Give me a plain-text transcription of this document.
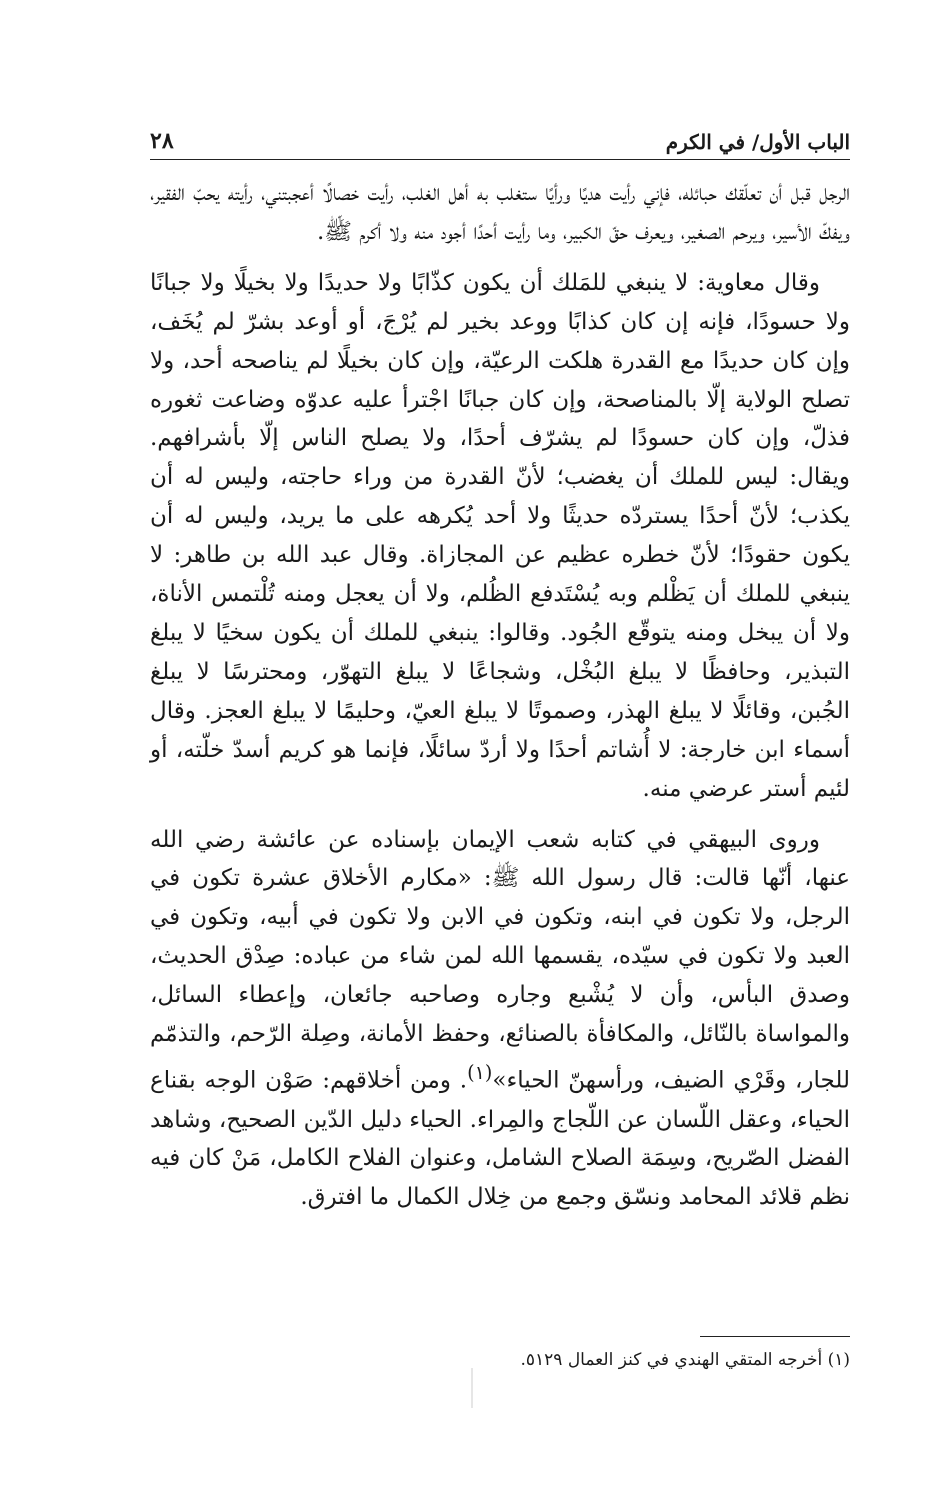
الباب الأول/ في الكرم
٢٨

الرجل قبل أن تعلّقك حبائله، فإني رأيت هديًا ورأيًا ستغلب به أهل الغلب، رأيت خصالًا أعجبتني، رأيته يحبّ الفقير، ويفكّ الأسير، ويرحم الصغير، ويعرف حقّ الكبير، وما رأيت أحدًا أجود منه ولا أكرم ﷺ.

وقال معاوية: لا ينبغي للمَلك أن يكون كذّابًا ولا حديدًا ولا بخيلًا ولا جبانًا ولا حسودًا، فإنه إن كان كذابًا ووعد بخير لم يُرْجَ، أو أوعد بشرّ لم يُخَف، وإن كان حديدًا مع القدرة هلكت الرعيّة، وإن كان بخيلًا لم يناصحه أحد، ولا تصلح الولاية إلّا بالمناصحة، وإن كان جبانًا اجْترأ عليه عدوّه وضاعت ثغوره فذلّ، وإن كان حسودًا لم يشرّف أحدًا، ولا يصلح الناس إلّا بأشرافهم. ويقال: ليس للملك أن يغضب؛ لأنّ القدرة من وراء حاجته، وليس له أن يكذب؛ لأنّ أحدًا يستردّه حديثًا ولا أحد يُكرهه على ما يريد، وليس له أن يكون حقودًا؛ لأنّ خطره عظيم عن المجازاة. وقال عبد الله بن طاهر: لا ينبغي للملك أن يَظْلم وبه يُسْتَدفع الظُلم، ولا أن يعجل ومنه تُلْتمس الأناة، ولا أن يبخل ومنه يتوقّع الجُود. وقالوا: ينبغي للملك أن يكون سخيًا لا يبلغ التبذير، وحافظًا لا يبلغ البُخْل، وشجاعًا لا يبلغ التهوّر، ومحترسًا لا يبلغ الجُبن، وقائلًا لا يبلغ الهذر، وصموتًا لا يبلغ العيّ، وحليمًا لا يبلغ العجز. وقال أسماء ابن خارجة: لا أُشاتم أحدًا ولا أردّ سائلًا، فإنما هو كريم أسدّ خلّته، أو لئيم أستر عرضي منه.

وروى البيهقي في كتابه شعب الإيمان بإسناده عن عائشة رضي الله عنها، أنّها قالت: قال رسول الله ﷺ: «مكارم الأخلاق عشرة تكون في الرجل، ولا تكون في ابنه، وتكون في الابن ولا تكون في أبيه، وتكون في العبد ولا تكون في سيّده، يقسمها الله لمن شاء من عباده: صِدْق الحديث، وصدق البأس، وأن لا يُشْبع وجاره وصاحبه جائعان، وإعطاء السائل، والمواساة بالنّائل، والمكافأة بالصنائع، وحفظ الأمانة، وصِلة الرّحم، والتذمّم للجار، وقَرْي الضيف، ورأسهنّ الحياء»$^{(١)}$. ومن أخلاقهم: صَوْن الوجه بقناع الحياء، وعقل اللّسان عن اللّجاج والمِراء. الحياء دليل الدّين الصحيح، وشاهد الفضل الصّريح، وسِمَة الصلاح الشامل، وعنوان الفلاح الكامل، مَنْ كان فيه نظم قلائد المحامد ونسّق وجمع من خِلال الكمال ما افترق.

(١) أخرجه المتقي الهندي في كنز العمال ٥١٢٩.
